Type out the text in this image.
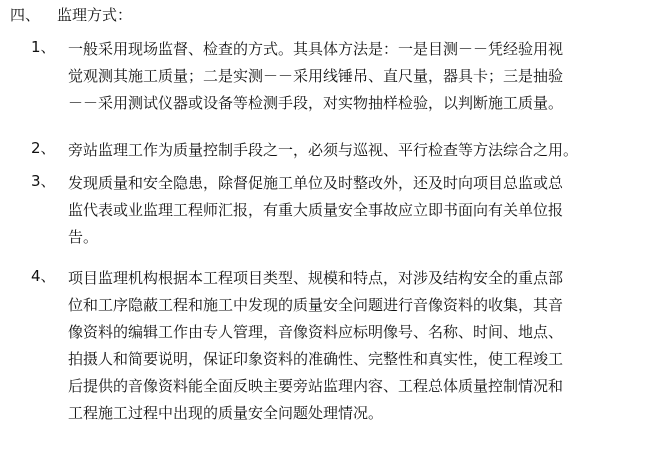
四、 监理方式：
1、 一般采用现场监督、检查的方式。其具体方法是：一是目测－－凭经验用视
觉观测其施工质量；二是实测－－采用线锤吊、直尺量，器具卡；三是抽验
－－采用测试仪器或设备等检测手段，对实物抽样检验，以判断施工质量。
2、 旁站监理工作为质量控制手段之一，必须与巡视、平行检查等方法综合之用。
3、 发现质量和安全隐患，除督促施工单位及时整改外，还及时向项目总监或总
监代表或业监理工程师汇报，有重大质量安全事故应立即书面向有关单位报
告。
4、 项目监理机构根据本工程项目类型、规模和特点，对涉及结构安全的重点部
位和工序隐蔽工程和施工中发现的质量安全问题进行音像资料的收集，其音
像资料的编辑工作由专人管理，音像资料应标明像号、名称、时间、地点、
拍摄人和简要说明，保证印象资料的准确性、完整性和真实性，使工程竣工
后提供的音像资料能全面反映主要旁站监理内容、工程总体质量控制情况和
工程施工过程中出现的质量安全问题处理情况。
